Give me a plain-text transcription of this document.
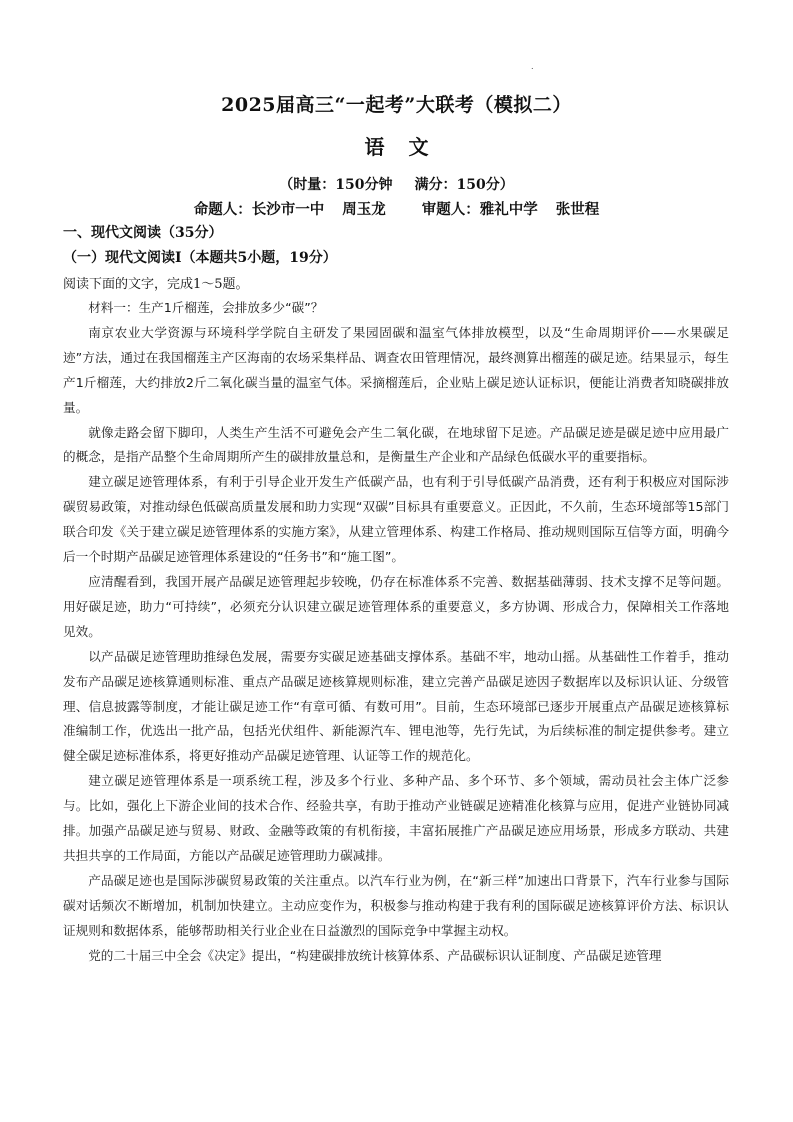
.
2025届高三“一起考”大联考（模拟二）
语 文
（时量：150分钟 满分：150分）
命题人：长沙市一中 周玉龙 审题人：雅礼中学 张世程
一、现代文阅读（35分）
（一）现代文阅读Ⅰ（本题共5小题，19分）
阅读下面的文字，完成1～5题。

材料一：生产1斤榴莲，会排放多少“碳”？

南京农业大学资源与环境科学学院自主研发了果园固碳和温室气体排放模型，以及“生命周期评价——水果碳足迹”方法，通过在我国榴莲主产区海南的农场采集样品、调查农田管理情况，最终测算出榴莲的碳足迹。结果显示，每生产1斤榴莲，大约排放2斤二氧化碳当量的温室气体。采摘榴莲后，企业贴上碳足迹认证标识，便能让消费者知晓碳排放量。

就像走路会留下脚印，人类生产生活不可避免会产生二氧化碳，在地球留下足迹。产品碳足迹是碳足迹中应用最广的概念，是指产品整个生命周期所产生的碳排放量总和，是衡量生产企业和产品绿色低碳水平的重要指标。

建立碳足迹管理体系，有利于引导企业开发生产低碳产品，也有利于引导低碳产品消费，还有利于积极应对国际涉碳贸易政策，对推动绿色低碳高质量发展和助力实现“双碳”目标具有重要意义。正因此，不久前，生态环境部等15部门联合印发《关于建立碳足迹管理体系的实施方案》，从建立管理体系、构建工作格局、推动规则国际互信等方面，明确今后一个时期产品碳足迹管理体系建设的“任务书”和“施工图”。

应清醒看到，我国开展产品碳足迹管理起步较晚，仍存在标准体系不完善、数据基础薄弱、技术支撑不足等问题。用好碳足迹，助力“可持续”，必须充分认识建立碳足迹管理体系的重要意义，多方协调、形成合力，保障相关工作落地见效。

以产品碳足迹管理助推绿色发展，需要夯实碳足迹基础支撑体系。基础不牢，地动山摇。从基础性工作着手，推动发布产品碳足迹核算通则标准、重点产品碳足迹核算规则标准，建立完善产品碳足迹因子数据库以及标识认证、分级管理、信息披露等制度，才能让碳足迹工作“有章可循、有数可用”。目前，生态环境部已逐步开展重点产品碳足迹核算标准编制工作，优选出一批产品，包括光伏组件、新能源汽车、锂电池等，先行先试，为后续标准的制定提供参考。建立健全碳足迹标准体系，将更好推动产品碳足迹管理、认证等工作的规范化。

建立碳足迹管理体系是一项系统工程，涉及多个行业、多种产品、多个环节、多个领域，需动员社会主体广泛参与。比如，强化上下游企业间的技术合作、经验共享，有助于推动产业链碳足迹精准化核算与应用，促进产业链协同减排。加强产品碳足迹与贸易、财政、金融等政策的有机衔接，丰富拓展推广产品碳足迹应用场景，形成多方联动、共建共担共享的工作局面，方能以产品碳足迹管理助力碳减排。

产品碳足迹也是国际涉碳贸易政策的关注重点。以汽车行业为例，在“新三样”加速出口背景下，汽车行业参与国际碳对话频次不断增加，机制加快建立。主动应变作为，积极参与推动构建于我有利的国际碳足迹核算评价方法、标识认证规则和数据体系，能够帮助相关行业企业在日益激烈的国际竞争中掌握主动权。

党的二十届三中全会《决定》提出，“构建碳排放统计核算体系、产品碳标识认证制度、产品碳足迹管理
